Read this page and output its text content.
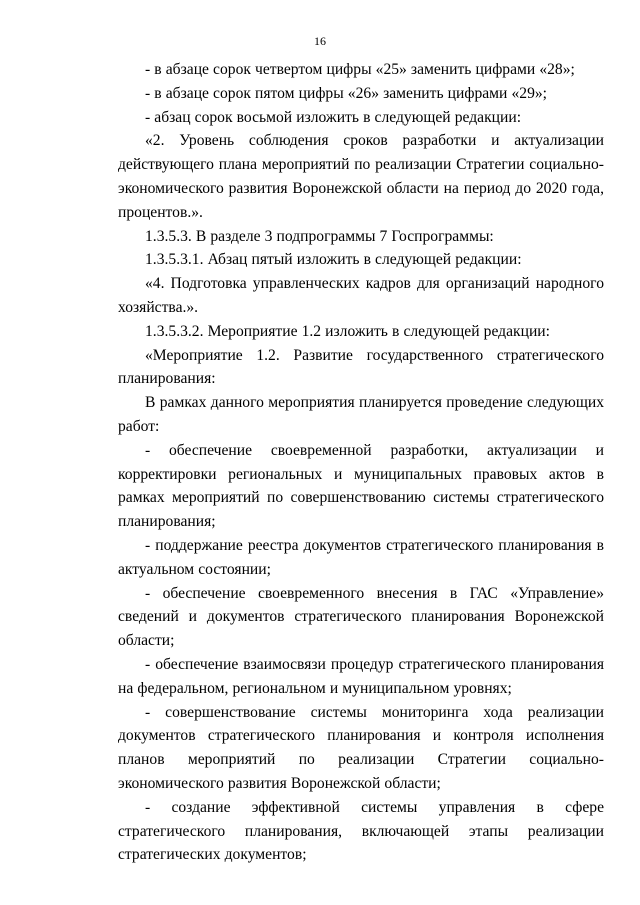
16

- в абзаце сорок четвертом цифры «25» заменить цифрами «28»;

- в абзаце сорок пятом цифры «26» заменить цифрами «29»;

- абзац сорок восьмой изложить в следующей редакции:

«2. Уровень соблюдения сроков разработки и актуализации действующего плана мероприятий по реализации Стратегии социально-экономического развития Воронежской области на период до 2020 года, процентов.».

1.3.5.3. В разделе 3 подпрограммы 7 Госпрограммы:

1.3.5.3.1. Абзац пятый изложить в следующей редакции:

«4. Подготовка управленческих кадров для организаций народного хозяйства.».

1.3.5.3.2. Мероприятие 1.2 изложить в следующей редакции:

«Мероприятие 1.2. Развитие государственного стратегического планирования:

В рамках данного мероприятия планируется проведение следующих работ:

- обеспечение своевременной разработки, актуализации и корректировки региональных и муниципальных правовых актов в рамках мероприятий по совершенствованию системы стратегического планирования;

- поддержание реестра документов стратегического планирования в актуальном состоянии;

- обеспечение своевременного внесения в ГАС «Управление» сведений и документов стратегического планирования Воронежской области;

- обеспечение взаимосвязи процедур стратегического планирования на федеральном, региональном и муниципальном уровнях;

- совершенствование системы мониторинга хода реализации документов стратегического планирования и контроля исполнения планов мероприятий по реализации Стратегии социально-экономического развития Воронежской области;

- создание эффективной системы управления в сфере стратегического планирования, включающей этапы реализации стратегических документов;
